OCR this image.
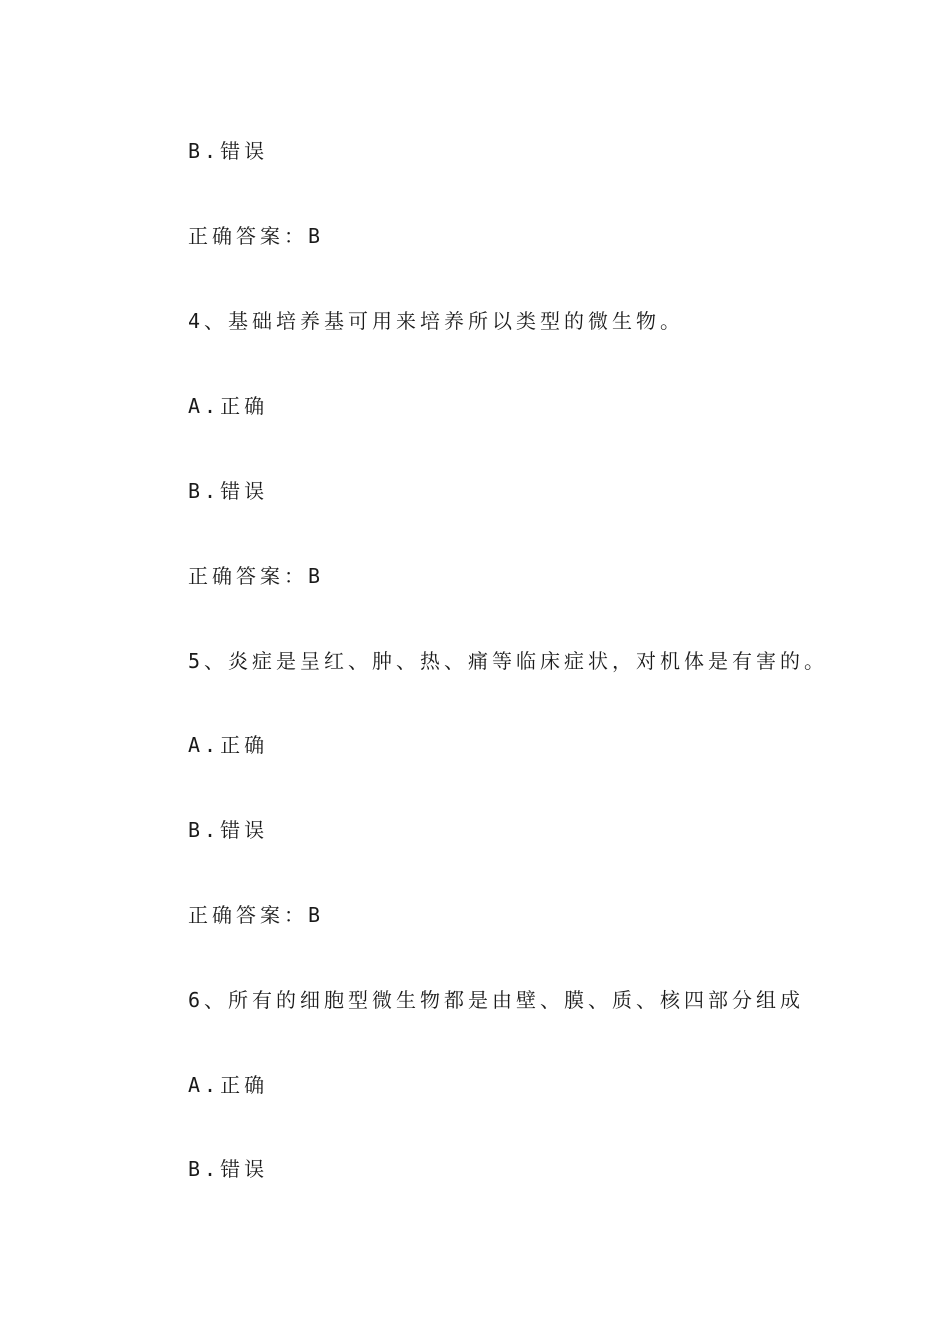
B.错误
正确答案：B
4、基础培养基可用来培养所以类型的微生物。
A.正确
B.错误
正确答案：B
5、炎症是呈红、肿、热、痛等临床症状，对机体是有害的。
A.正确
B.错误
正确答案：B
6、所有的细胞型微生物都是由壁、膜、质、核四部分组成
A.正确
B.错误
